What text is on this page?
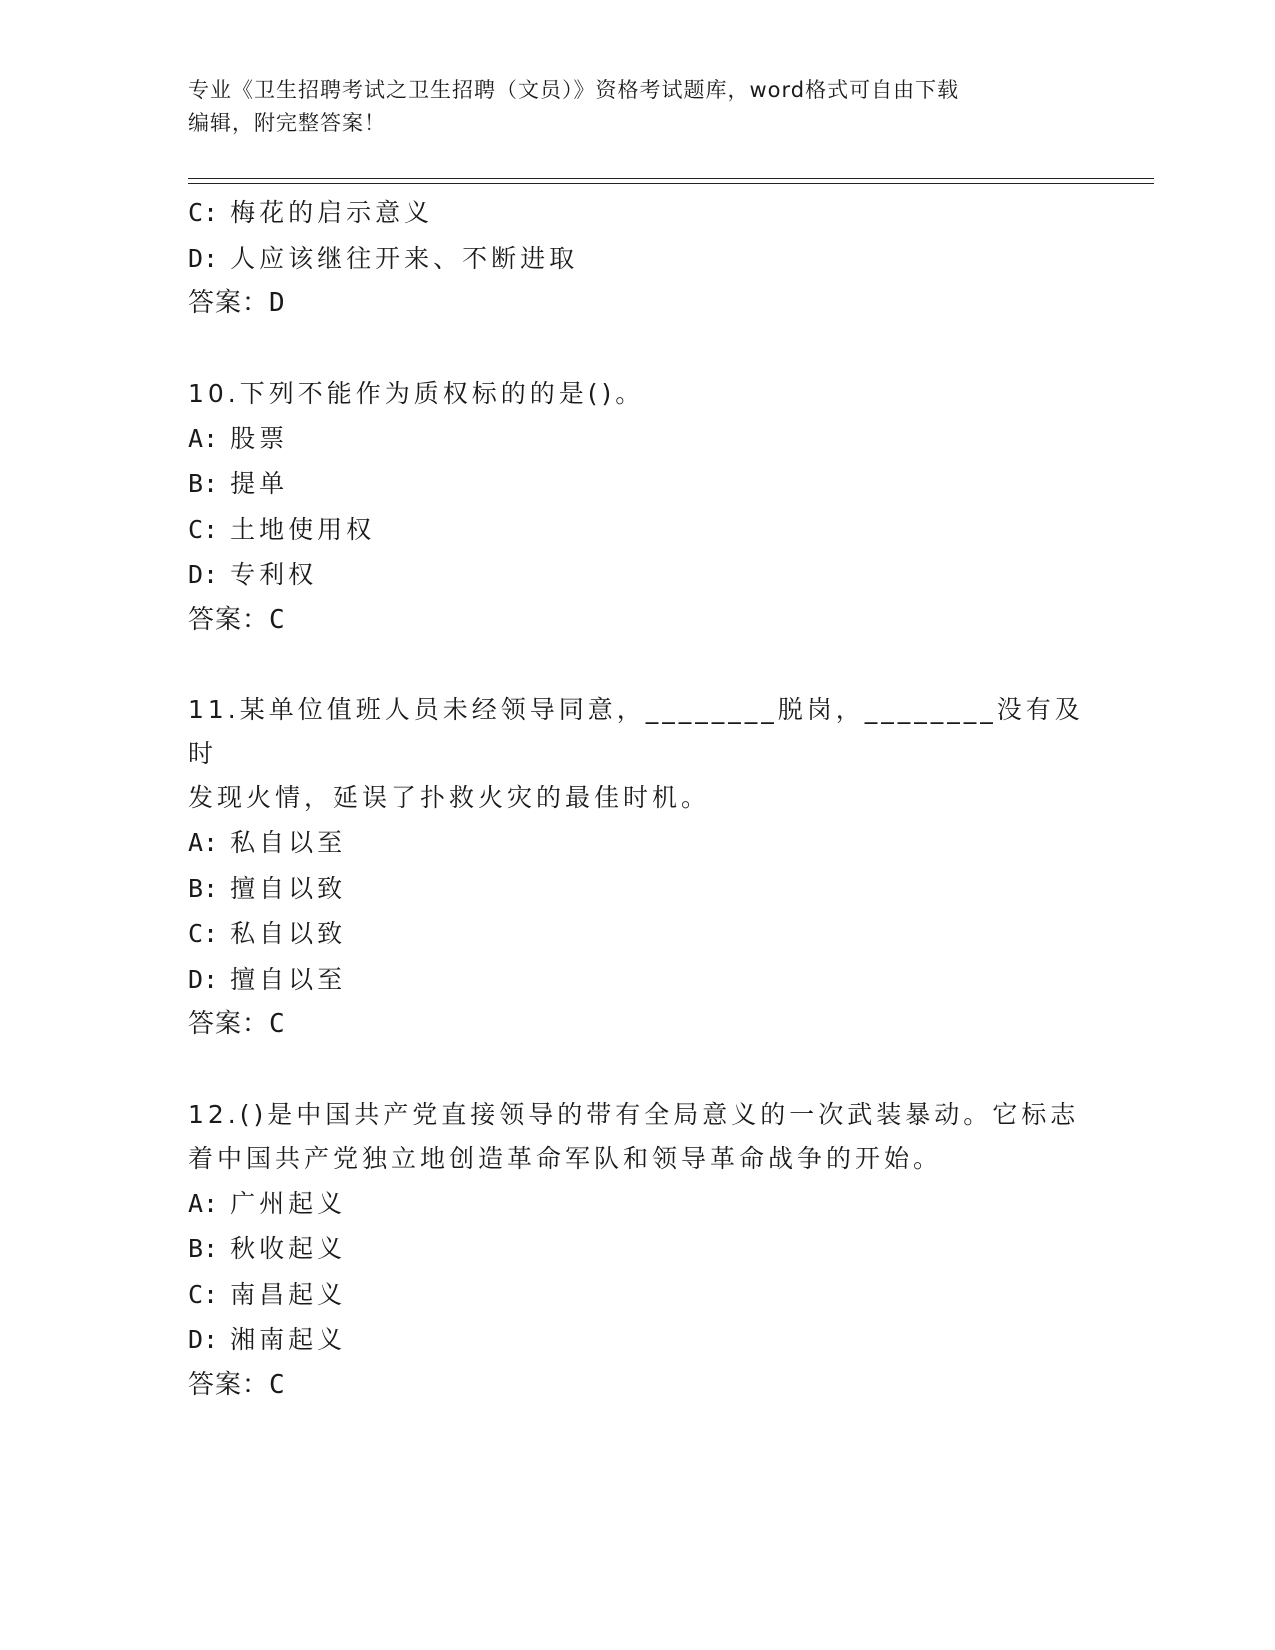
专业《卫生招聘考试之卫生招聘（文员）》资格考试题库，word格式可自由下载
编辑，附完整答案！
C: 梅花的启示意义
D: 人应该继往开来、不断进取
答案：D
10.下列不能作为质权标的的是()。
A: 股票
B: 提单
C: 土地使用权
D: 专利权
答案：C
11.某单位值班人员未经领导同意，________脱岗，________没有及时
发现火情，延误了扑救火灾的最佳时机。
A: 私自以至
B: 擅自以致
C: 私自以致
D: 擅自以至
答案：C
12.()是中国共产党直接领导的带有全局意义的一次武装暴动。它标志
着中国共产党独立地创造革命军队和领导革命战争的开始。
A: 广州起义
B: 秋收起义
C: 南昌起义
D: 湘南起义
答案：C
